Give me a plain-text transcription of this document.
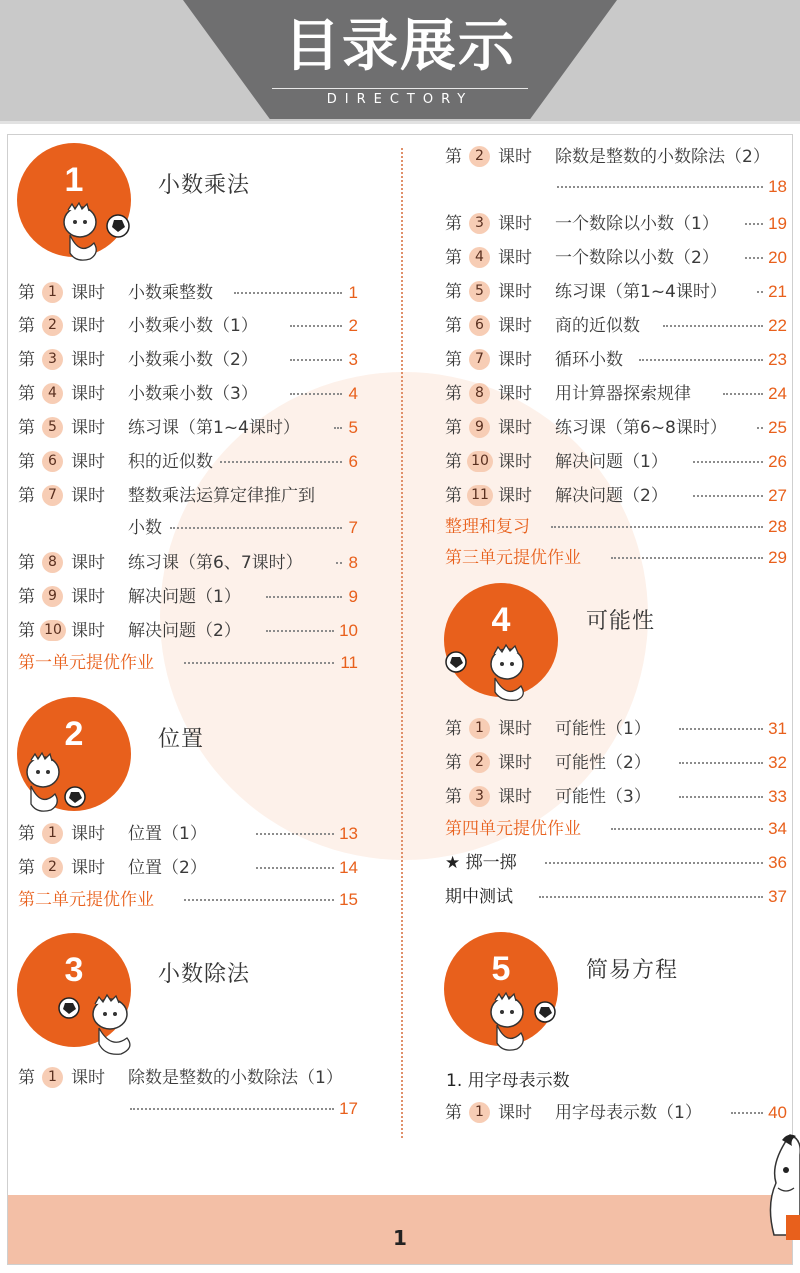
目录展示
DIRECTORY
1	小数乘法
2	位置
3	小数除法
4	可能性
5	简易方程
第 1 课时 小数乘整数	1
第 2 课时 小数乘小数（1）	2
第 3 课时 小数乘小数（2）	3
第 4 课时 小数乘小数（3）	4
第 5 课时 练习课（第1~4课时）	5
第 6 课时 积的近似数	6
第 7 课时 整数乘法运算定律推广到
小数	7
第 8 课时 练习课（第6、7课时）	8
第 9 课时 解决问题（1）	9
第 10 课时 解决问题（2）	10
第一单元提优作业	11
第 1 课时 位置（1）	13
第 2 课时 位置（2）	14
第二单元提优作业	15
第 1 课时 除数是整数的小数除法（1）
17
第 2 课时 除数是整数的小数除法（2）
18
第 3 课时 一个数除以小数（1）	19
第 4 课时 一个数除以小数（2）	20
第 5 课时 练习课（第1~4课时） 21
第 6 课时 商的近似数	22
第 7 课时 循环小数	23
第 8 课时 用计算器探索规律	24
第 9 课时 练习课（第6~8课时） 25
第 10 课时 解决问题（1）	26
第 11 课时 解决问题（2）	27
整理和复习	28
第三单元提优作业	29
第 1 课时 可能性（1）	31
第 2 课时 可能性（2）	32
第 3 课时 可能性（3）	33
第四单元提优作业	34
★ 掷一掷	36
期中测试	37
1. 用字母表示数
第 1 课时 用字母表示数（1）	40
1
